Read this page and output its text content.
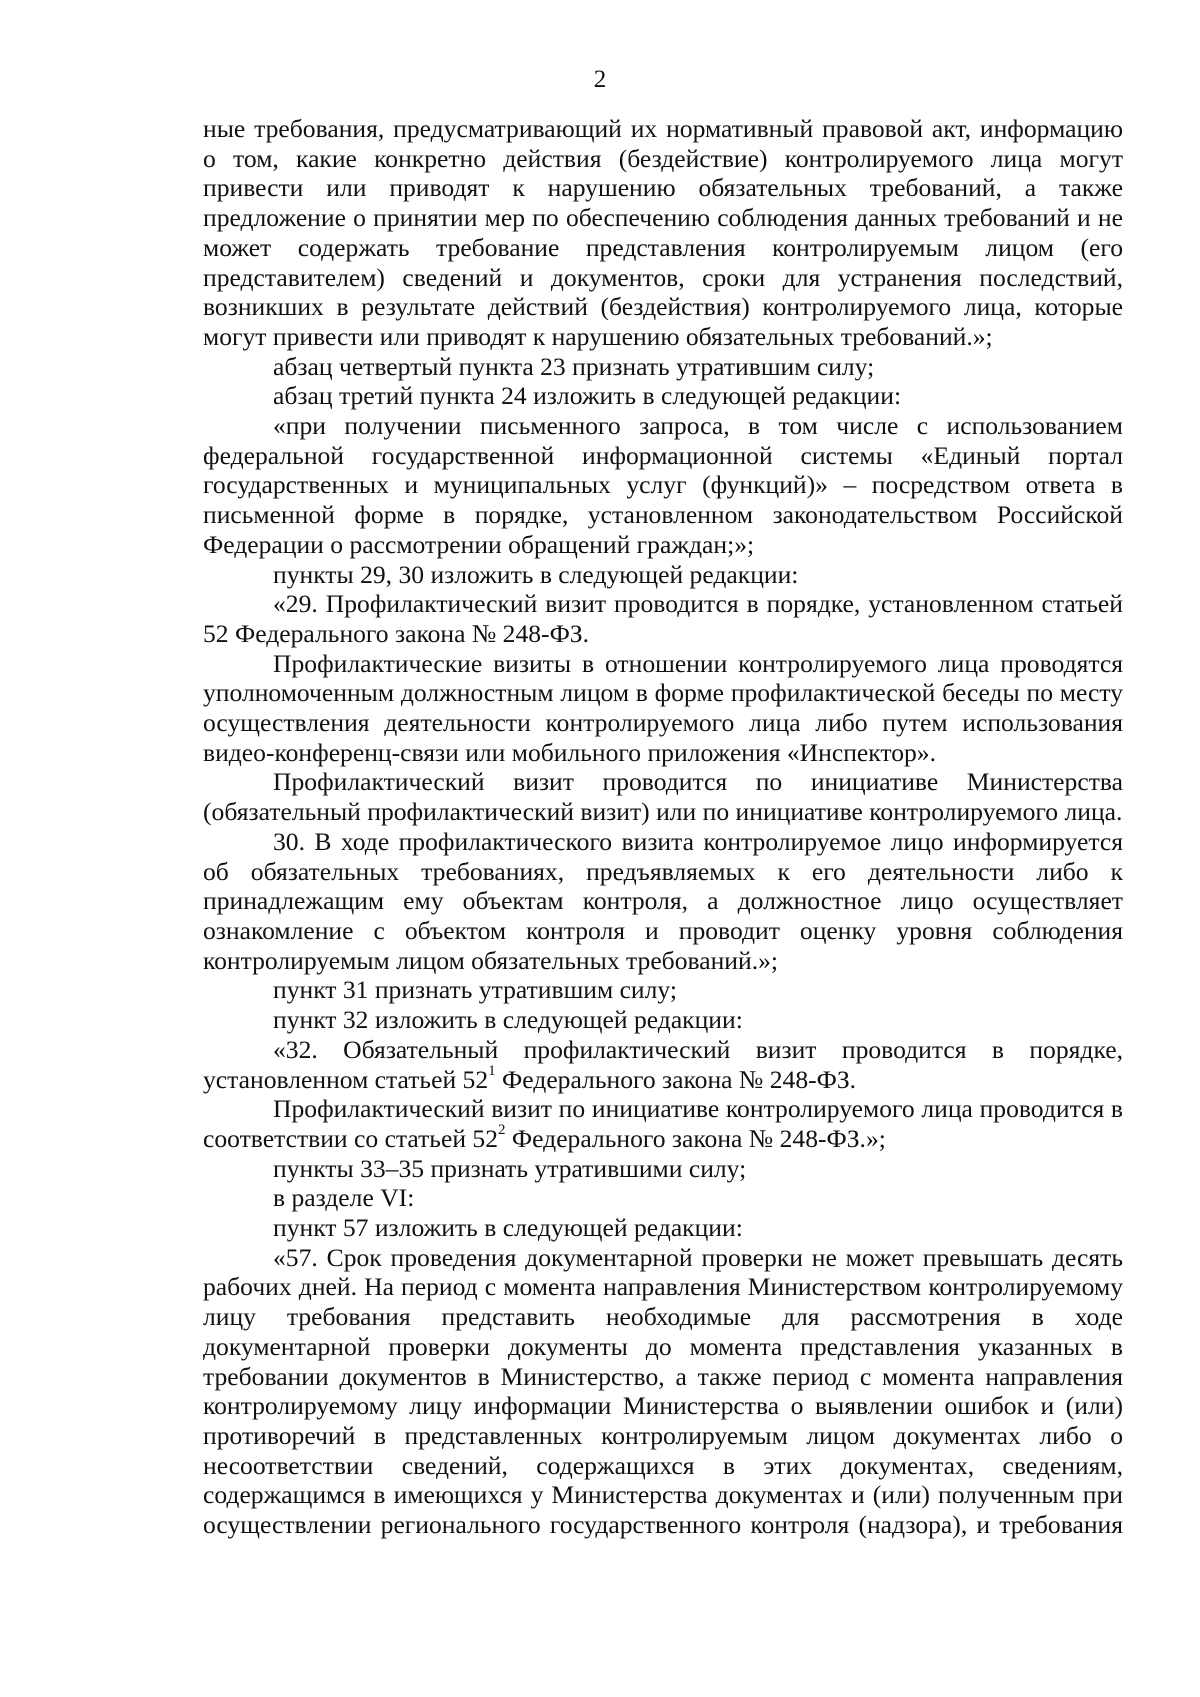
2

ные требования, предусматривающий их нормативный правовой акт, информацию о том, какие конкретно действия (бездействие) контролируемого лица могут привести или приводят к нарушению обязательных требований, а также предложение о принятии мер по обеспечению соблюдения данных требований и не может содержать требование представления контролируемым лицом (его представителем) сведений и документов, сроки для устранения последствий, возникших в результате действий (бездействия) контролируемого лица, которые могут привести или приводят к нарушению обязательных требований.»;

абзац четвертый пункта 23 признать утратившим силу;

абзац третий пункта 24 изложить в следующей редакции:

«при получении письменного запроса, в том числе с использованием федеральной государственной информационной системы «Единый портал государственных и муниципальных услуг (функций)» – посредством ответа в письменной форме в порядке, установленном законодательством Российской Федерации о рассмотрении обращений граждан;»;

пункты 29, 30 изложить в следующей редакции:

«29. Профилактический визит проводится в порядке, установленном статьей 52 Федерального закона № 248-ФЗ.

Профилактические визиты в отношении контролируемого лица проводятся уполномоченным должностным лицом в форме профилактической беседы по месту осуществления деятельности контролируемого лица либо путем использования видео-конференц-связи или мобильного приложения «Инспектор».

Профилактический визит проводится по инициативе Министерства (обязательный профилактический визит) или по инициативе контролируемого лица.

30. В ходе профилактического визита контролируемое лицо информируется об обязательных требованиях, предъявляемых к его деятельности либо к принадлежащим ему объектам контроля, а должностное лицо осуществляет ознакомление с объектом контроля и проводит оценку уровня соблюдения контролируемым лицом обязательных требований.»;

пункт 31 признать утратившим силу;

пункт 32 изложить в следующей редакции:

«32. Обязательный профилактический визит проводится в порядке, установленном статьей $52^1$ Федерального закона № 248-ФЗ.

Профилактический визит по инициативе контролируемого лица проводится в соответствии со статьей $52^2$ Федерального закона № 248-ФЗ.»;

пункты 33–35 признать утратившими силу;

в разделе VI:

пункт 57 изложить в следующей редакции:

«57. Срок проведения документарной проверки не может превышать десять рабочих дней. На период с момента направления Министерством контролируемому лицу требования представить необходимые для рассмотрения в ходе документарной проверки документы до момента представления указанных в требовании документов в Министерство, а также период с момента направления контролируемому лицу информации Министерства о выявлении ошибок и (или) противоречий в представленных контролируемым лицом документах либо о несоответствии сведений, содержащихся в этих документах, сведениям, содержащимся в имеющихся у Министерства документах и (или) полученным при осуществлении регионального государственного контроля (надзора), и требования
